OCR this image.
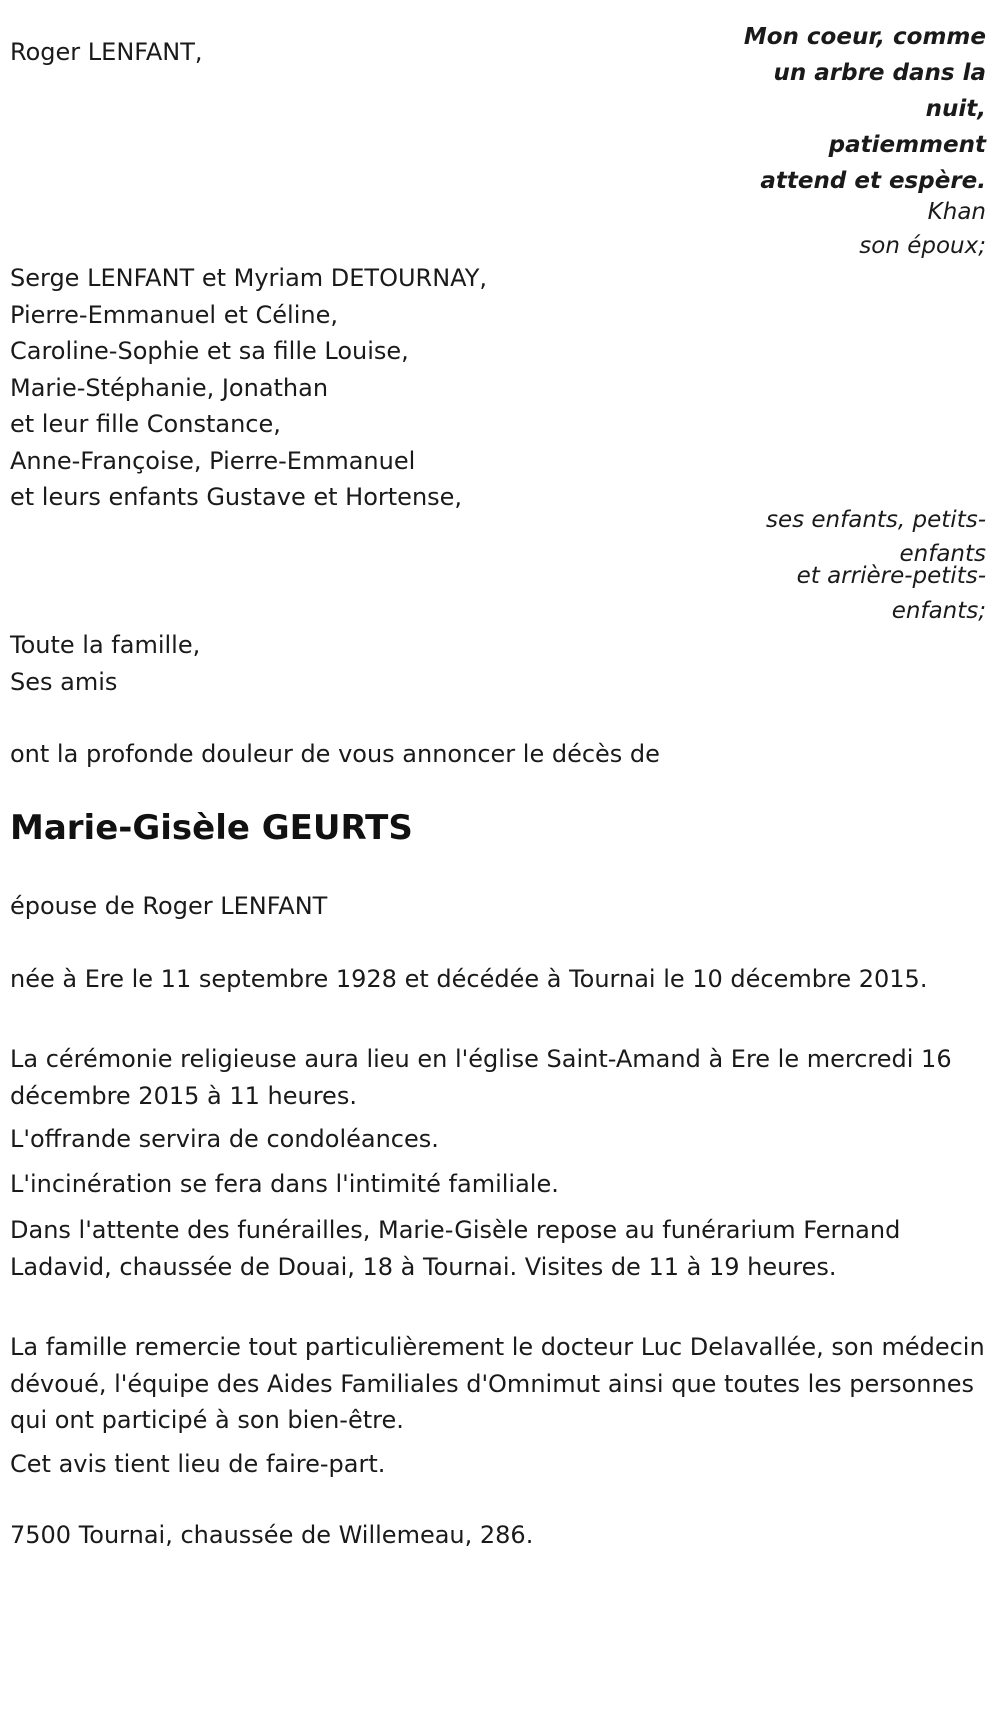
Roger LENFANT,
Mon coeur, comme
un arbre dans la
nuit,
patiemment
attend et espère.
Khan
son époux;
Serge LENFANT et Myriam DETOURNAY,
Pierre-Emmanuel et Céline,
Caroline-Sophie et sa fille Louise,
Marie-Stéphanie, Jonathan
et leur fille Constance,
Anne-Françoise, Pierre-Emmanuel
et leurs enfants Gustave et Hortense,
ses enfants, petits-
enfants
et arrière-petits-
enfants;
Toute la famille,
Ses amis
ont la profonde douleur de vous annoncer le décès de
Marie-Gisèle GEURTS
épouse de Roger LENFANT
née à Ere le 11 septembre 1928 et décédée à Tournai le 10 décembre 2015.
La cérémonie religieuse aura lieu en l'église Saint-Amand à Ere le mercredi 16 décembre 2015 à 11 heures.
L'offrande servira de condoléances.
L'incinération se fera dans l'intimité familiale.
Dans l'attente des funérailles, Marie-Gisèle repose au funérarium Fernand Ladavid, chaussée de Douai, 18 à Tournai. Visites de 11 à 19 heures.
La famille remercie tout particulièrement le docteur Luc Delavallée, son médecin dévoué, l'équipe des Aides Familiales d'Omnimut ainsi que toutes les personnes qui ont participé à son bien-être.
Cet avis tient lieu de faire-part.
7500 Tournai, chaussée de Willemeau, 286.
